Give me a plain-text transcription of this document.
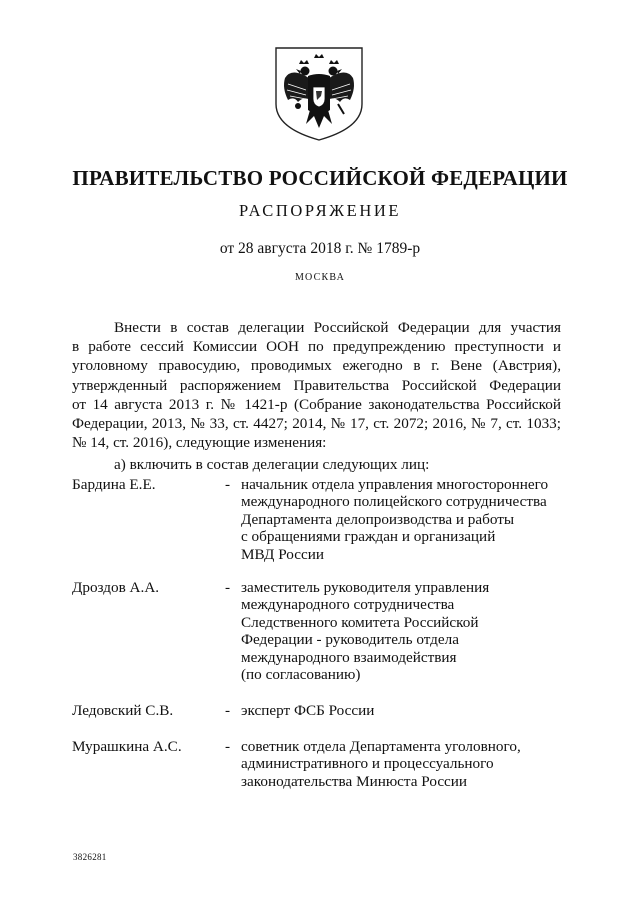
ПРАВИТЕЛЬСТВО РОССИЙСКОЙ ФЕДЕРАЦИИ
РАСПОРЯЖЕНИЕ
от 28 августа 2018 г. № 1789-р
МОСКВА
Внести в состав делегации Российской Федерации для участия
в работе сессий Комиссии ООН по предупреждению преступности и
уголовному правосудию, проводимых ежегодно в г. Вене (Австрия),
утвержденный распоряжением Правительства Российской Федерации
от 14 августа 2013 г. № 1421-р (Собрание законодательства Российской
Федерации, 2013, № 33, ст. 4427; 2014, № 17, ст. 2072; 2016, № 7, ст. 1033;
№ 14, ст. 2016), следующие изменения:
а) включить в состав делегации следующих лиц:
Бардина Е.Е.	- начальник отдела управления многостороннего
международного полицейского сотрудничества
Департамента делопроизводства и работы
с обращениями граждан и организаций
МВД России
Дроздов А.А.	- заместитель руководителя управления
международного сотрудничества
Следственного комитета Российской
Федерации - руководитель отдела
международного взаимодействия
(по согласованию)
Ледовский С.В.	- эксперт ФСБ России
Мурашкина А.С.	- советник отдела Департамента уголовного,
административного и процессуального
законодательства Минюста России
3826281
